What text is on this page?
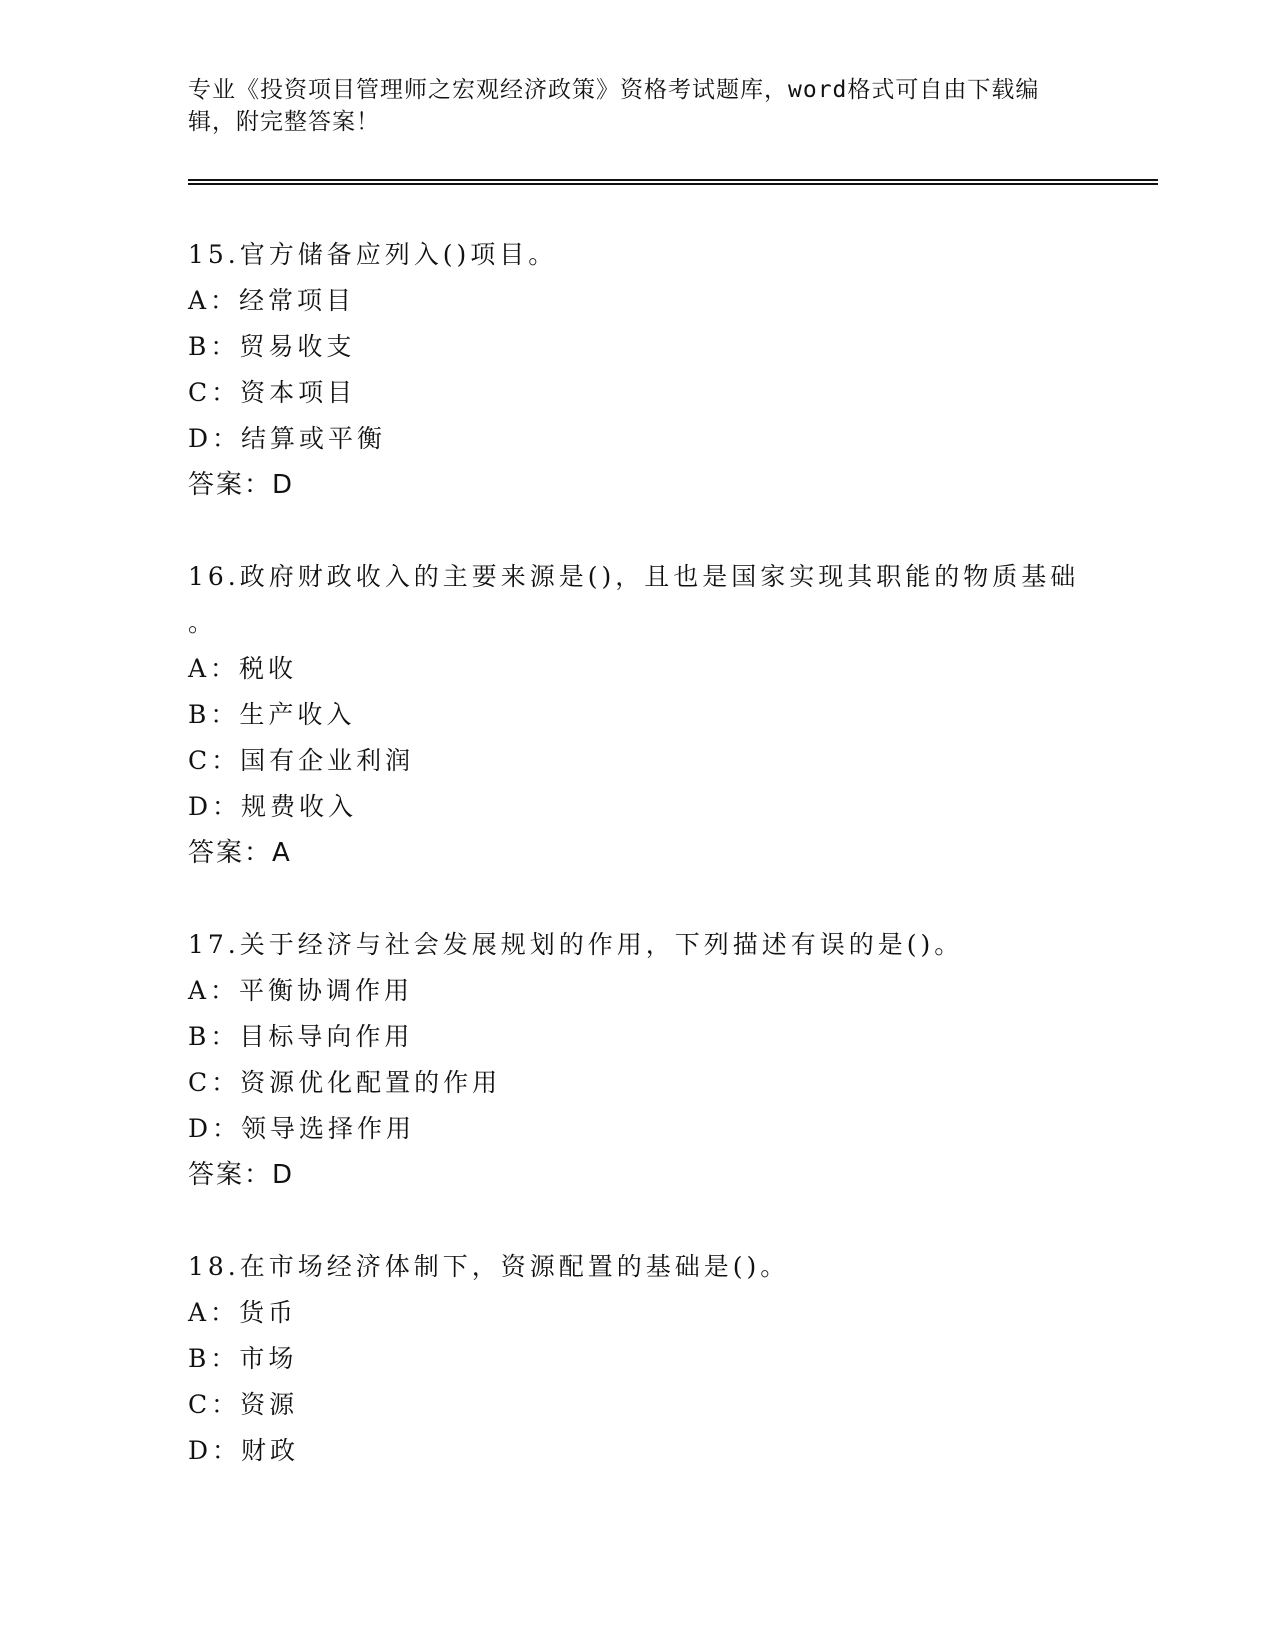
专业《投资项目管理师之宏观经济政策》资格考试题库，word格式可自由下载编
辑，附完整答案！
15.官方储备应列入()项目。
A：经常项目
B：贸易收支
C：资本项目
D：结算或平衡
答案：D
16.政府财政收入的主要来源是()，且也是国家实现其职能的物质基础
。
A：税收
B：生产收入
C：国有企业利润
D：规费收入
答案：A
17.关于经济与社会发展规划的作用，下列描述有误的是()。
A：平衡协调作用
B：目标导向作用
C：资源优化配置的作用
D：领导选择作用
答案：D
18.在市场经济体制下，资源配置的基础是()。
A：货币
B：市场
C：资源
D：财政
